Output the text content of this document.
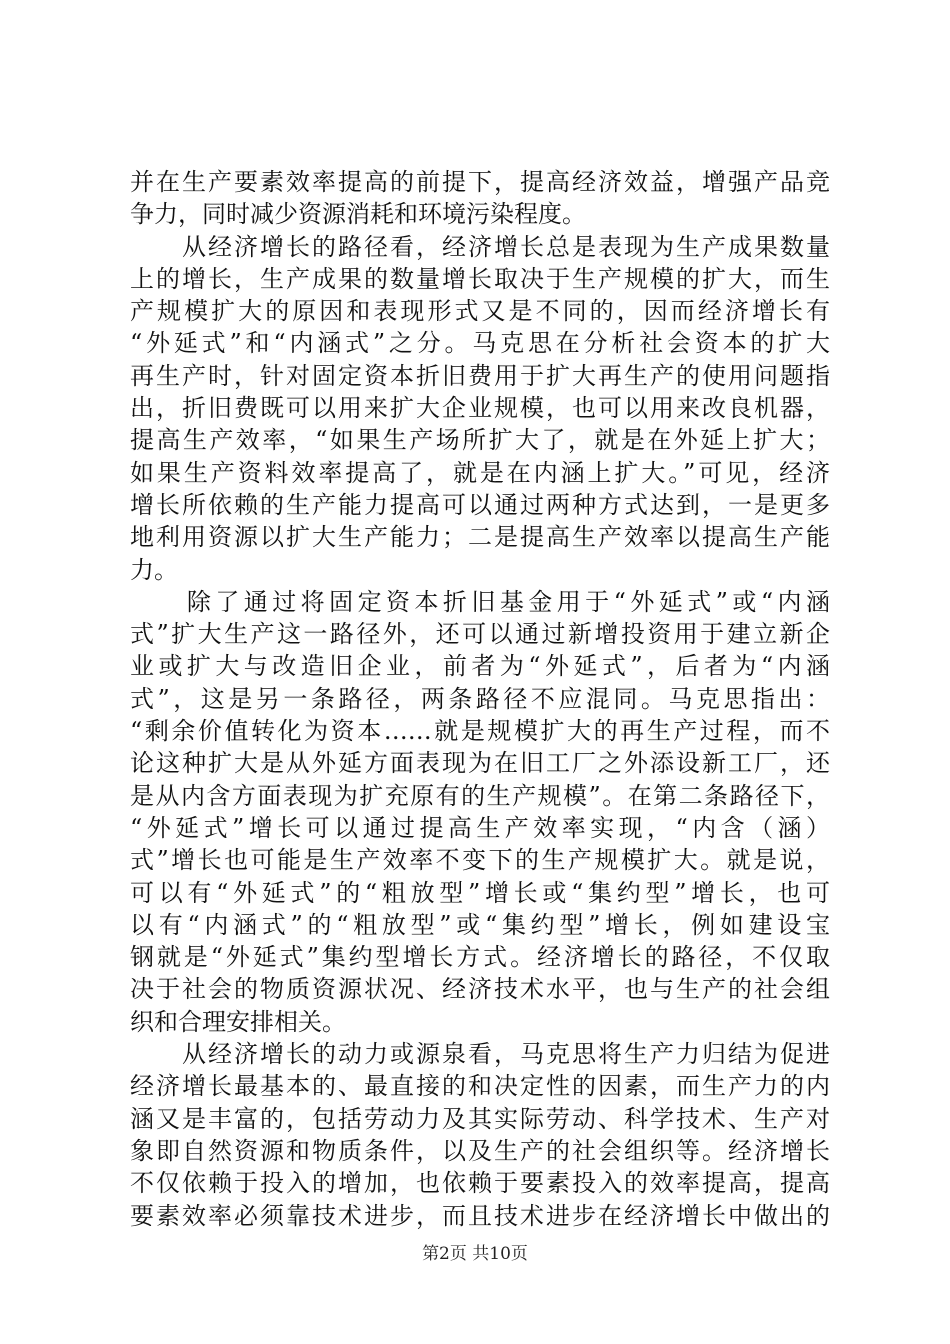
并在生产要素效率提高的前提下，提高经济效益，增强产品竞
争力，同时减少资源消耗和环境污染程度。
　　从经济增长的路径看，经济增长总是表现为生产成果数量
上的增长，生产成果的数量增长取决于生产规模的扩大，而生
产规模扩大的原因和表现形式又是不同的，因而经济增长有
“外延式”和“内涵式”之分。马克思在分析社会资本的扩大
再生产时，针对固定资本折旧费用于扩大再生产的使用问题指
出，折旧费既可以用来扩大企业规模，也可以用来改良机器，
提高生产效率，“如果生产场所扩大了，就是在外延上扩大；
如果生产资料效率提高了，就是在内涵上扩大。”可见，经济
增长所依赖的生产能力提高可以通过两种方式达到，一是更多
地利用资源以扩大生产能力；二是提高生产效率以提高生产能
力。
　　除了通过将固定资本折旧基金用于“外延式”或“内涵
式”扩大生产这一路径外，还可以通过新增投资用于建立新企
业或扩大与改造旧企业，前者为“外延式”，后者为“内涵
式”，这是另一条路径，两条路径不应混同。马克思指出：
“剩余价值转化为资本……就是规模扩大的再生产过程，而不
论这种扩大是从外延方面表现为在旧工厂之外添设新工厂，还
是从内含方面表现为扩充原有的生产规模”。在第二条路径下，
“外延式”增长可以通过提高生产效率实现，“内含（涵）
式”增长也可能是生产效率不变下的生产规模扩大。就是说，
可以有“外延式”的“粗放型”增长或“集约型”增长，也可
以有“内涵式”的“粗放型”或“集约型”增长，例如建设宝
钢就是“外延式”集约型增长方式。经济增长的路径，不仅取
决于社会的物质资源状况、经济技术水平，也与生产的社会组
织和合理安排相关。
　　从经济增长的动力或源泉看，马克思将生产力归结为促进
经济增长最基本的、最直接的和决定性的因素，而生产力的内
涵又是丰富的，包括劳动力及其实际劳动、科学技术、生产对
象即自然资源和物质条件，以及生产的社会组织等。经济增长
不仅依赖于投入的增加，也依赖于要素投入的效率提高，提高
要素效率必须靠技术进步，而且技术进步在经济增长中做出的
第2页 共10页
